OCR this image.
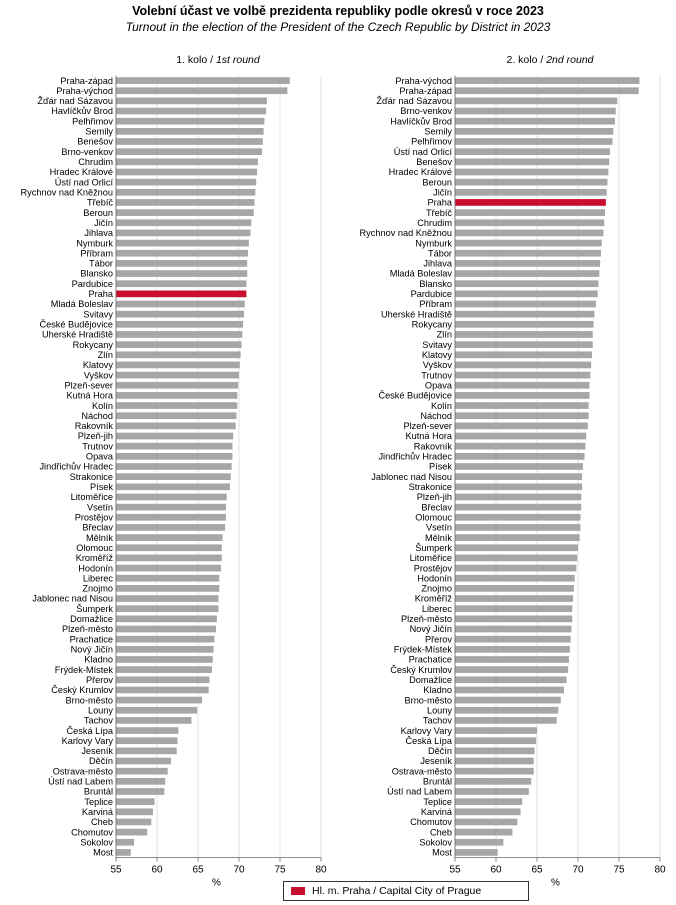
Volební účast ve volbě prezidenta republiky podle okresů v roce 2023
Turnout in the election of the President of the Czech Republic by District in 2023
1. kolo / 1st round
55	60	65	70	75	80
Praha-západ
Praha-východ
Žďár nad Sázavou
Havlíčkův Brod
Pelhřimov
Semily
Benešov
Brno-venkov
Chrudim
Hradec Králové
Ústí nad Orlicí
Rychnov nad Kněžnou
Třebíč
Beroun
Jičín
Jihlava
Nymburk
Příbram
Tábor
Blansko
Pardubice
Praha
Mladá Boleslav
Svitavy
České Budějovice
Uherské Hradiště
Rokycany
Zlín
Klatovy
Vyškov
Plzeň-sever
Kutná Hora
Kolín
Náchod
Rakovník
Plzeň-jih
Trutnov
Opava
Jindřichův Hradec
Strakonice
Písek
Litoměřice
Vsetín
Prostějov
Břeclav
Mělník
Olomouc
Kroměříž
Hodonín
Liberec
Znojmo
Jablonec nad Nisou
Šumperk
Domažlice
Plzeň-město
Prachatice
Nový Jičín
Kladno
Frýdek-Místek
Přerov
Český Krumlov
Brno-město
Louny
Tachov
Česká Lípa
Karlovy Vary
Jeseník
Děčín
Ostrava-město
Ústí nad Labem
Bruntál
Teplice
Karviná
Cheb
Chomutov
Sokolov
Most
%
2. kolo / 2nd round
55	60	65	70	75	80
Praha-východ
Praha-západ
Žďár nad Sázavou
Brno-venkov
Havlíčkův Brod
Semily
Pelhřimov
Ústí nad Orlicí
Benešov
Hradec Králové
Beroun
Jičín
Praha
Třebíč
Chrudim
Rychnov nad Kněžnou
Nymburk
Tábor
Jihlava
Mladá Boleslav
Blansko
Pardubice
Příbram
Uherské Hradiště
Rokycany
Zlín
Svitavy
Klatovy
Vyškov
Trutnov
Opava
České Budějovice
Kolín
Náchod
Plzeň-sever
Kutná Hora
Rakovník
Jindřichův Hradec
Písek
Jablonec nad Nisou
Strakonice
Plzeň-jih
Břeclav
Olomouc
Vsetín
Mělník
Šumperk
Litoměřice
Prostějov
Hodonín
Znojmo
Kroměříž
Liberec
Plzeň-město
Nový Jičín
Přerov
Frýdek-Místek
Prachatice
Český Krumlov
Domažlice
Kladno
Brno-město
Louny
Tachov
Karlovy Vary
Česká Lípa
Děčín
Jeseník
Ostrava-město
Bruntál
Ústí nad Labem
Teplice
Karviná
Chomutov
Cheb
Sokolov
Most
%
Hl. m. Praha / Capital City of Prague
